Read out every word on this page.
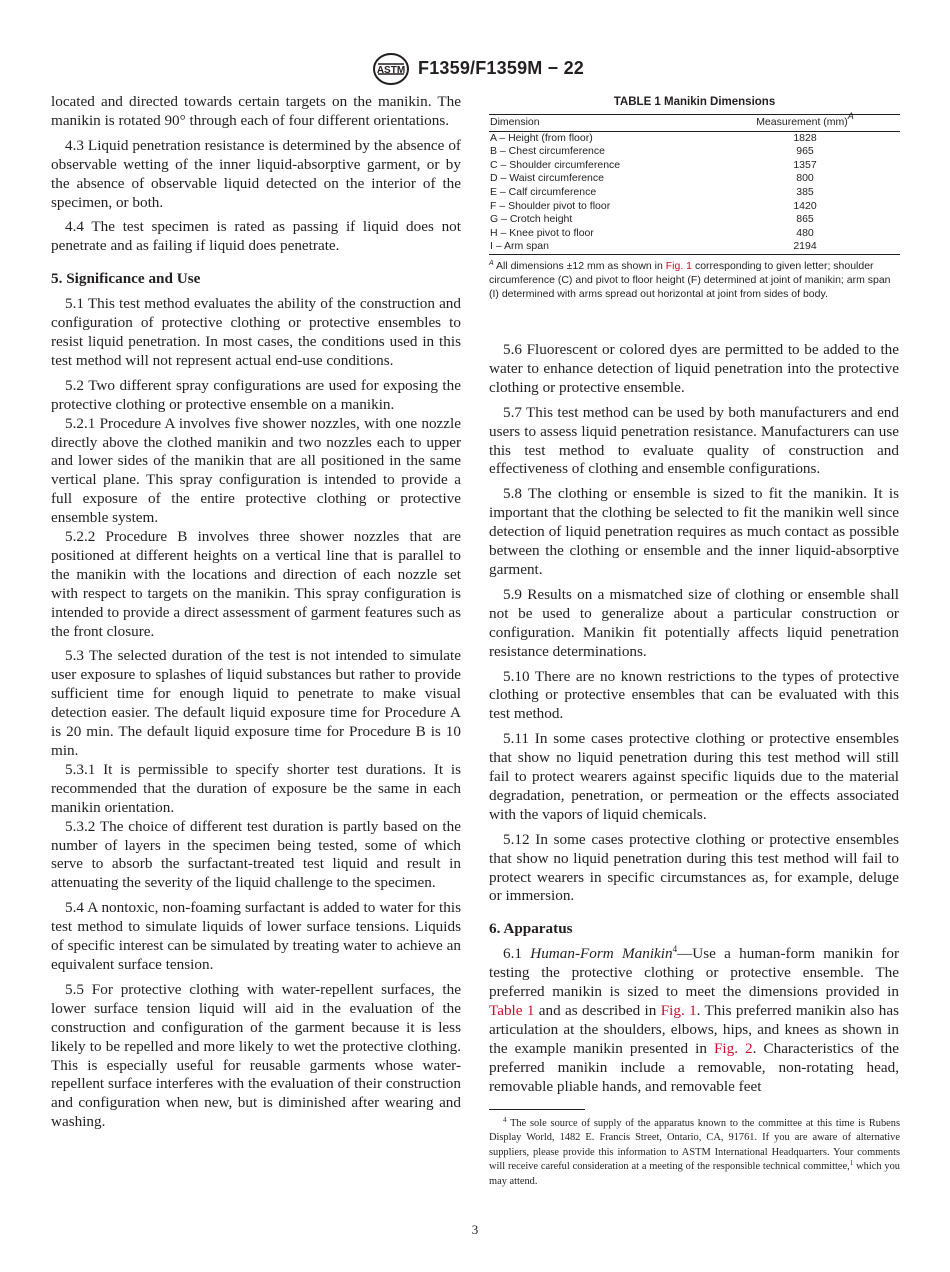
ASTM F1359/F1359M − 22

located and directed towards certain targets on the manikin. The manikin is rotated 90° through each of four different orientations.

4.3 Liquid penetration resistance is determined by the absence of observable wetting of the inner liquid-absorptive garment, or by the absence of observable liquid detected on the interior of the specimen, or both.

4.4 The test specimen is rated as passing if liquid does not penetrate and as failing if liquid does penetrate.

5. Significance and Use

5.1 This test method evaluates the ability of the construction and configuration of protective clothing or protective ensembles to resist liquid penetration. In most cases, the conditions used in this test method will not represent actual end-use conditions.

5.2 Two different spray configurations are used for exposing the protective clothing or protective ensemble on a manikin.

5.2.1 Procedure A involves five shower nozzles, with one nozzle directly above the clothed manikin and two nozzles each to upper and lower sides of the manikin that are all positioned in the same vertical plane. This spray configuration is intended to provide a full exposure of the entire protective clothing or protective ensemble system.

5.2.2 Procedure B involves three shower nozzles that are positioned at different heights on a vertical line that is parallel to the manikin with the locations and direction of each nozzle set with respect to targets on the manikin. This spray configuration is intended to provide a direct assessment of garment features such as the front closure.

5.3 The selected duration of the test is not intended to simulate user exposure to splashes of liquid substances but rather to provide sufficient time for enough liquid to penetrate to make visual detection easier. The default liquid exposure time for Procedure A is 20 min. The default liquid exposure time for Procedure B is 10 min.

5.3.1 It is permissible to specify shorter test durations. It is recommended that the duration of exposure be the same in each manikin orientation.

5.3.2 The choice of different test duration is partly based on the number of layers in the specimen being tested, some of which serve to absorb the surfactant-treated test liquid and result in attenuating the severity of the liquid challenge to the specimen.

5.4 A nontoxic, non-foaming surfactant is added to water for this test method to simulate liquids of lower surface tensions. Liquids of specific interest can be simulated by treating water to achieve an equivalent surface tension.

5.5 For protective clothing with water-repellent surfaces, the lower surface tension liquid will aid in the evaluation of the construction and configuration of the garment because it is less likely to be repelled and more likely to wet the protective clothing. This is especially useful for reusable garments whose water-repellent surface interferes with the evaluation of their construction and configuration when new, but is diminished after wearing and washing.

TABLE 1 Manikin Dimensions
Dimension	Measurement (mm)$^A$
A – Height (from floor)	1828
B – Chest circumference	965
C – Shoulder circumference	1357
D – Waist circumference	800
E – Calf circumference	385
F – Shoulder pivot to floor	1420
G – Crotch height	865
H – Knee pivot to floor	480
I – Arm span	2194
$^A$ All dimensions ±12 mm as shown in Fig. 1 corresponding to given letter; shoulder circumference (C) and pivot to floor height (F) determined at joint of manikin; arm span (I) determined with arms spread out horizontal at joint from sides of body.

5.6 Fluorescent or colored dyes are permitted to be added to the water to enhance detection of liquid penetration into the protective clothing or protective ensemble.

5.7 This test method can be used by both manufacturers and end users to assess liquid penetration resistance. Manufacturers can use this test method to evaluate quality of construction and effectiveness of clothing and ensemble configurations.

5.8 The clothing or ensemble is sized to fit the manikin. It is important that the clothing be selected to fit the manikin well since detection of liquid penetration requires as much contact as possible between the clothing or ensemble and the inner liquid-absorptive garment.

5.9 Results on a mismatched size of clothing or ensemble shall not be used to generalize about a particular construction or configuration. Manikin fit potentially affects liquid penetration resistance determinations.

5.10 There are no known restrictions to the types of protective clothing or protective ensembles that can be evaluated with this test method.

5.11 In some cases protective clothing or protective ensembles that show no liquid penetration during this test method will still fail to protect wearers against specific liquids due to the material degradation, penetration, or permeation or the effects associated with the vapors of liquid chemicals.

5.12 In some cases protective clothing or protective ensembles that show no liquid penetration during this test method will fail to protect wearers in specific circumstances as, for example, deluge or immersion.

6. Apparatus

6.1 Human-Form Manikin$^4$—Use a human-form manikin for testing the protective clothing or protective ensemble. The preferred manikin is sized to meet the dimensions provided in Table 1 and as described in Fig. 1. This preferred manikin also has articulation at the shoulders, elbows, hips, and knees as shown in the example manikin presented in Fig. 2. Characteristics of the preferred manikin include a removable, non-rotating head, removable pliable hands, and removable feet

$^4$ The sole source of supply of the apparatus known to the committee at this time is Rubens Display World, 1482 E. Francis Street, Ontario, CA, 91761. If you are aware of alternative suppliers, please provide this information to ASTM International Headquarters. Your comments will receive careful consideration at a meeting of the responsible technical committee,$^1$ which you may attend.
3
